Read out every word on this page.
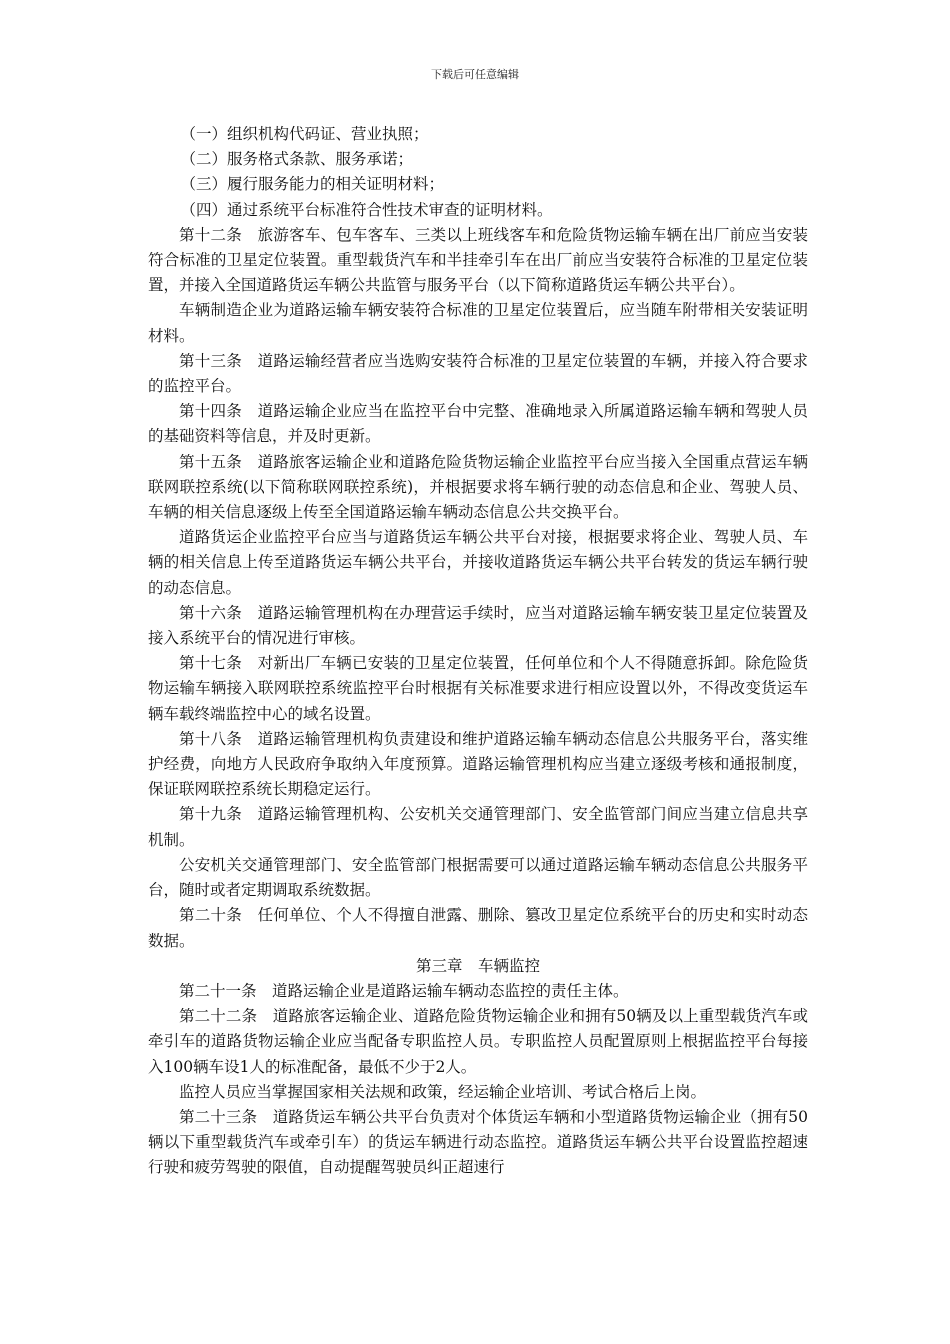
下载后可任意编辑

（一）组织机构代码证、营业执照；

（二）服务格式条款、服务承诺；

（三）履行服务能力的相关证明材料；

（四）通过系统平台标准符合性技术审查的证明材料。

第十二条　旅游客车、包车客车、三类以上班线客车和危险货物运输车辆在出厂前应当安装符合标准的卫星定位装置。重型载货汽车和半挂牵引车在出厂前应当安装符合标准的卫星定位装置，并接入全国道路货运车辆公共监管与服务平台（以下简称道路货运车辆公共平台）。

车辆制造企业为道路运输车辆安装符合标准的卫星定位装置后，应当随车附带相关安装证明材料。

第十三条　道路运输经营者应当选购安装符合标准的卫星定位装置的车辆，并接入符合要求的监控平台。

第十四条　道路运输企业应当在监控平台中完整、准确地录入所属道路运输车辆和驾驶人员的基础资料等信息，并及时更新。

第十五条　道路旅客运输企业和道路危险货物运输企业监控平台应当接入全国重点营运车辆联网联控系统(以下简称联网联控系统)，并根据要求将车辆行驶的动态信息和企业、驾驶人员、车辆的相关信息逐级上传至全国道路运输车辆动态信息公共交换平台。

道路货运企业监控平台应当与道路货运车辆公共平台对接，根据要求将企业、驾驶人员、车辆的相关信息上传至道路货运车辆公共平台，并接收道路货运车辆公共平台转发的货运车辆行驶的动态信息。

第十六条　道路运输管理机构在办理营运手续时，应当对道路运输车辆安装卫星定位装置及接入系统平台的情况进行审核。

第十七条　对新出厂车辆已安装的卫星定位装置，任何单位和个人不得随意拆卸。除危险货物运输车辆接入联网联控系统监控平台时根据有关标准要求进行相应设置以外，不得改变货运车辆车载终端监控中心的域名设置。

第十八条　道路运输管理机构负责建设和维护道路运输车辆动态信息公共服务平台，落实维护经费，向地方人民政府争取纳入年度预算。道路运输管理机构应当建立逐级考核和通报制度，保证联网联控系统长期稳定运行。

第十九条　道路运输管理机构、公安机关交通管理部门、安全监管部门间应当建立信息共享机制。

公安机关交通管理部门、安全监管部门根据需要可以通过道路运输车辆动态信息公共服务平台，随时或者定期调取系统数据。

第二十条　任何单位、个人不得擅自泄露、删除、篡改卫星定位系统平台的历史和实时动态数据。

第三章　车辆监控

第二十一条　道路运输企业是道路运输车辆动态监控的责任主体。

第二十二条　道路旅客运输企业、道路危险货物运输企业和拥有50辆及以上重型载货汽车或牵引车的道路货物运输企业应当配备专职监控人员。专职监控人员配置原则上根据监控平台每接入100辆车设1人的标准配备，最低不少于2人。

监控人员应当掌握国家相关法规和政策，经运输企业培训、考试合格后上岗。

第二十三条　道路货运车辆公共平台负责对个体货运车辆和小型道路货物运输企业（拥有50辆以下重型载货汽车或牵引车）的货运车辆进行动态监控。道路货运车辆公共平台设置监控超速行驶和疲劳驾驶的限值，自动提醒驾驶员纠正超速行
